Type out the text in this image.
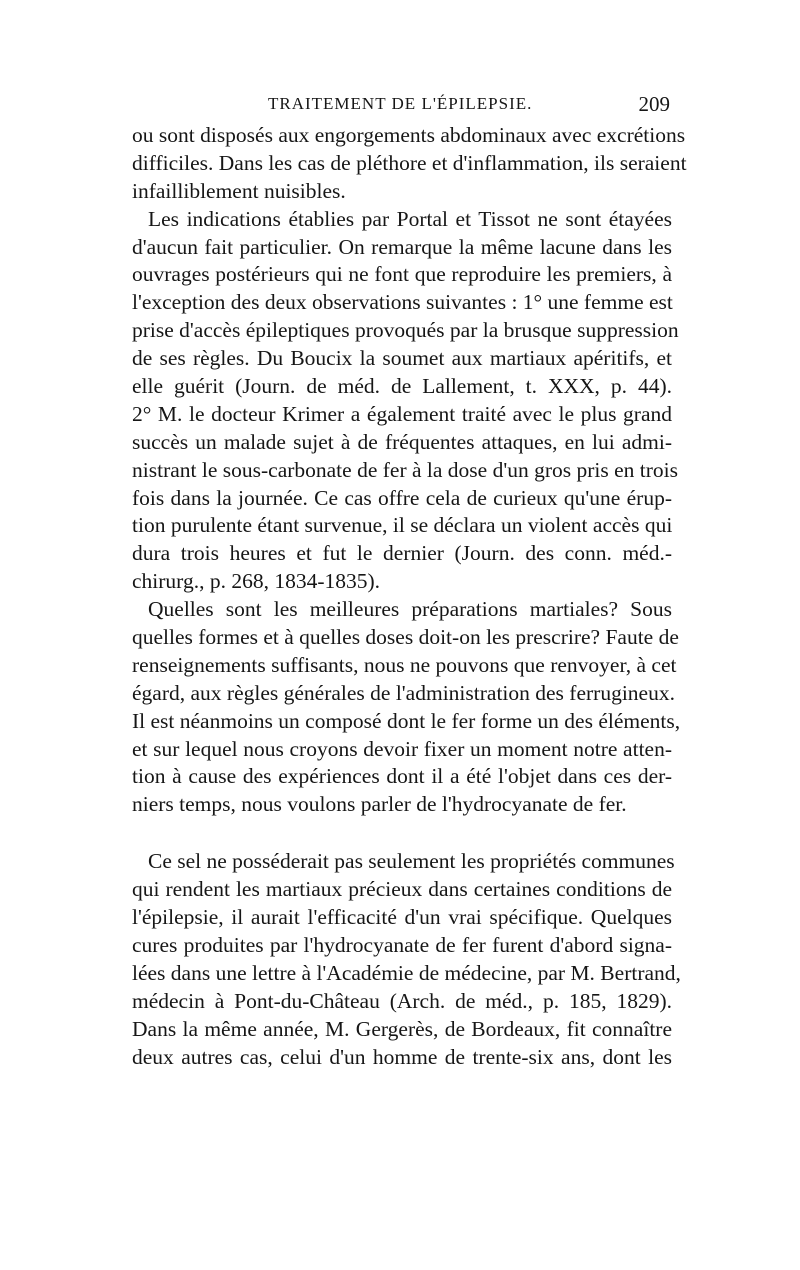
TRAITEMENT DE L'ÉPILEPSIE.	209
ou sont disposés aux engorgements abdominaux avec excrétions
difficiles. Dans les cas de pléthore et d'inflammation, ils seraient
infailliblement nuisibles.
Les indications établies par Portal et Tissot ne sont étayées
d'aucun fait particulier. On remarque la même lacune dans les
ouvrages postérieurs qui ne font que reproduire les premiers, à
l'exception des deux observations suivantes : 1° une femme est
prise d'accès épileptiques provoqués par la brusque suppression
de ses règles. Du Boucix la soumet aux martiaux apéritifs, et
elle guérit (Journ. de méd. de Lallement, t. XXX, p. 44).
2° M. le docteur Krimer a également traité avec le plus grand
succès un malade sujet à de fréquentes attaques, en lui admi-
nistrant le sous-carbonate de fer à la dose d'un gros pris en trois
fois dans la journée. Ce cas offre cela de curieux qu'une érup-
tion purulente étant survenue, il se déclara un violent accès qui
dura trois heures et fut le dernier (Journ. des conn. méd.-
chirurg., p. 268, 1834-1835).
Quelles sont les meilleures préparations martiales? Sous
quelles formes et à quelles doses doit-on les prescrire? Faute de
renseignements suffisants, nous ne pouvons que renvoyer, à cet
égard, aux règles générales de l'administration des ferrugineux.
Il est néanmoins un composé dont le fer forme un des éléments,
et sur lequel nous croyons devoir fixer un moment notre atten-
tion à cause des expériences dont il a été l'objet dans ces der-
niers temps, nous voulons parler de l'hydrocyanate de fer.
Ce sel ne posséderait pas seulement les propriétés communes
qui rendent les martiaux précieux dans certaines conditions de
l'épilepsie, il aurait l'efficacité d'un vrai spécifique. Quelques
cures produites par l'hydrocyanate de fer furent d'abord signa-
lées dans une lettre à l'Académie de médecine, par M. Bertrand,
médecin à Pont-du-Château (Arch. de méd., p. 185, 1829).
Dans la même année, M. Gergerès, de Bordeaux, fit connaître
deux autres cas, celui d'un homme de trente-six ans, dont les
